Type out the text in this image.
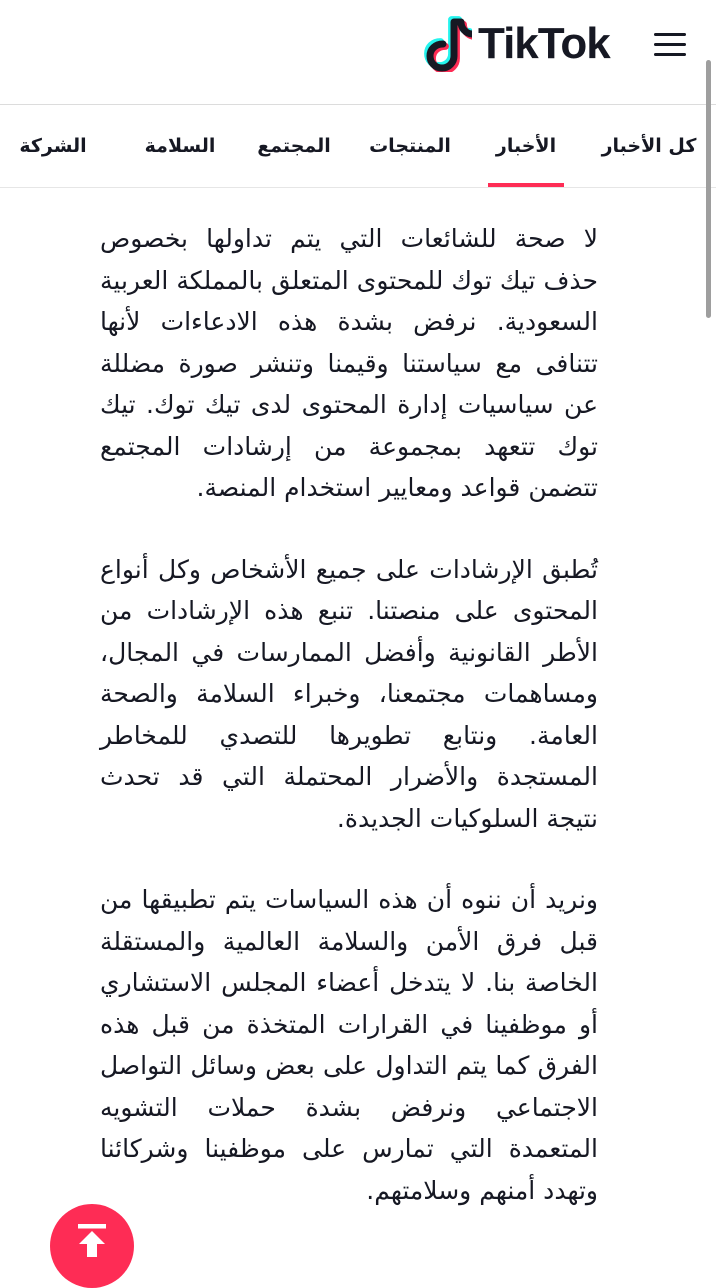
TikTok
كل الأخبار
الأخبار
المنتجات
المجتمع
السلامة
الشركة

لا صحة للشائعات التي يتم تداولها بخصوص حذف تيك توك للمحتوى المتعلق بالمملكة العربية السعودية. نرفض بشدة هذه الادعاءات لأنها تتنافى مع سياستنا وقيمنا وتنشر صورة مضللة عن سياسيات إدارة المحتوى لدى تيك توك. تيك توك تتعهد بمجموعة من إرشادات المجتمع تتضمن قواعد ومعايير استخدام المنصة.

تُطبق الإرشادات على جميع الأشخاص وكل أنواع المحتوى على منصتنا. تنبع هذه الإرشادات من الأطر القانونية وأفضل الممارسات في المجال، ومساهمات مجتمعنا، وخبراء السلامة والصحة العامة. ونتابع تطويرها للتصدي للمخاطر المستجدة والأضرار المحتملة التي قد تحدث نتيجة السلوكيات الجديدة.

ونريد أن ننوه أن هذه السياسات يتم تطبيقها من قبل فرق الأمن والسلامة العالمية والمستقلة الخاصة بنا. لا يتدخل أعضاء المجلس الاستشاري أو موظفينا في القرارات المتخذة من قبل هذه الفرق كما يتم التداول على بعض وسائل التواصل الاجتماعي ونرفض بشدة حملات التشويه المتعمدة التي تمارس على موظفينا وشركائنا وتهدد أمنهم وسلامتهم.
